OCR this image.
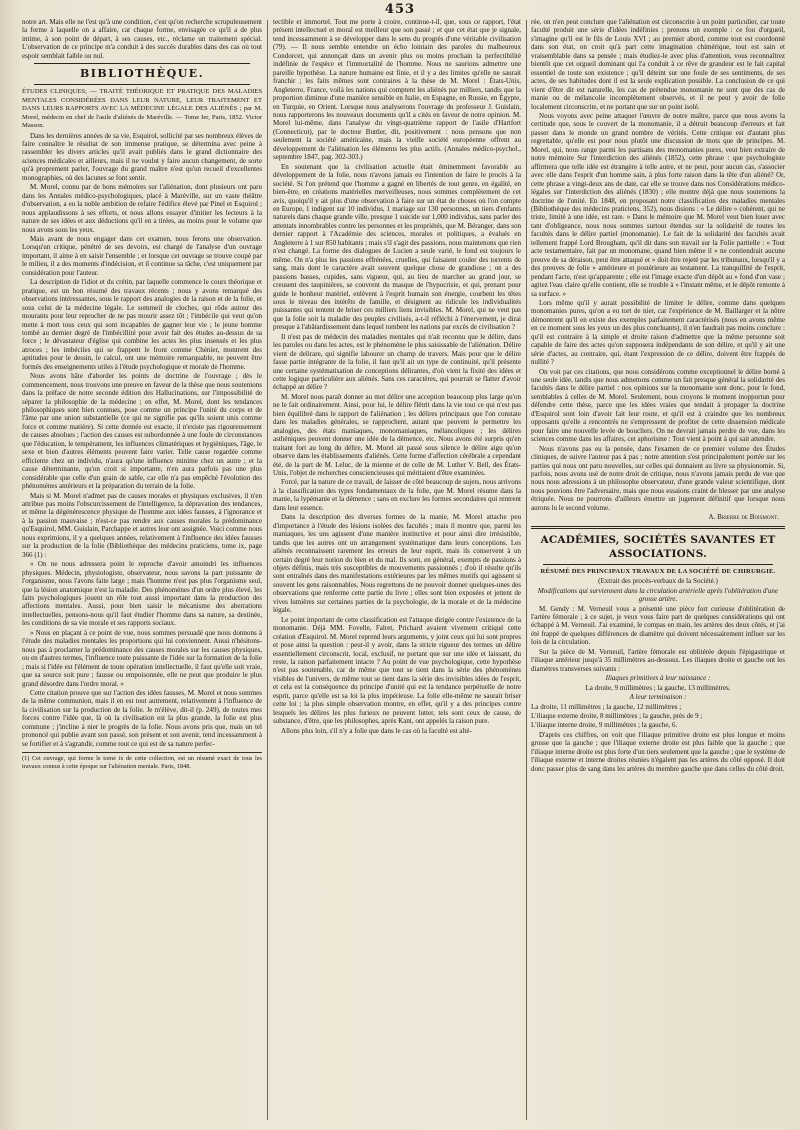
453

notre art. Mais elle ne l'est qu'à une condition, c'est qu'on recherche scrupuleusement la forme à laquelle on a affaire, car chaque forme, envisagée ce qu'il a de plus intime, à son point de départ, à ses causes, etc., réclame un traitement spécial. L'observation de ce principe m'a conduit à des succès durables dans des cas où tout espoir semblait faible ou nul.

BIBLIOTHÈQUE.

ÉTUDES CLINIQUES; — TRAITÉ THÉORIQUE ET PRATIQUE DES MALADIES MENTALES CONSIDÉRÉES DANS LEUR NATURE, LEUR TRAITEMENT ET DANS LEURS RAPPORTS AVEC LA MÉDECINE LÉGALE DES ALIÉNÉS ; par M. Morel, médecin en chef de l'asile d'aliénés de Maréville. — Tome Ier, Paris, 1852. Victor Masson.

Dans les dernières années de sa vie, Esquirol, sollicité par ses nombreux élèves de faire connaître le résultat de son immense pratique, se détermina avec peine à rassembler les divers articles qu'il avait publiés dans le grand dictionnaire des sciences médicales et ailleurs, mais il ne voulut y faire aucun changement, de sorte qu'à proprement parler, l'ouvrage du grand maître n'est qu'un recueil d'excellentes monographies, où des lacunes se font sentir.

M. Morel, connu par de bons mémoires sur l'aliénation, dont plusieurs ont paru dans les Annales médico-psychologiques, placé à Maréville, sur un vaste théâtre d'observation, a eu la noble ambition de refaire l'édifice élevé par Pinel et Esquirol ; nous applaudissons à ses efforts, et nous allons essayer d'initier les lecteurs à la nature de ses idées et aux déductions qu'il en a tirées, au moins pour le volume que nous avons sous les yeux.

Mais avant de nous engager dans cet examen, nous ferons une observation. Lorsqu'un critique, pénétré de ses devoirs, est chargé de l'analyse d'un ouvrage important, il aime à en saisir l'ensemble ; et lorsque cet ouvrage se trouve coupé par le milieu, il a des moments d'indécision, et il continue sa tâche, c'est uniquement par considération pour l'auteur.

La description de l'idiot et du crétin, par laquelle commence le cours théorique et pratique, est un bon résumé des travaux récents ; nous y avons remarqué des observations intéressantes, sous le rapport des analogies de la raison et de la folie, et sous celui de la médecine légale. Le sommeil de cloches, qui rôde autour des mourants pour leur reprocher de ne pas mourir assez tôt ; l'imbécile qui veut qu'on mette à mort tous ceux qui sont incapables de gagner leur vie ; le jeune homme tombé au dernier degré de l'imbécillité pour avoir fait des études au-dessus de sa force ; le dévastateur d'église qui combine les actes les plus insensés et les plus atroces ; les imbéciles qui se frappent le front comme Chénier, montrent des aptitudes pour le dessin, le calcul, ont une mémoire remarquable, ne peuvent être formés des enseignements utiles à l'étude psychologique et morale de l'homme.

Nous avons hâte d'aborder les points de doctrine de l'ouvrage ; dès le commencement, nous trouvons une preuve en faveur de la thèse que nous soutenions dans la préface de notre seconde édition des Hallucinations, sur l'impossibilité de séparer la philosophie de la médecine ; en effet, M. Morel, dont les tendances philosophiques sont bien connues, pose comme un principe l'unité du corps et de l'âme par une union substantielle (ce qui ne signifie pas qu'ils soient unis comme force et comme matière). Si cette donnée est exacte, il n'existe pas rigoureusement de causes absolues ; l'action des causes est subordonnée à une foule de circonstances que l'éducation, le tempérament, les influences climatériques et hygiéniques, l'âge, le sexe et bien d'autres éléments peuvent faire varier. Telle cause regardée comme efficiente chez un individu, n'aura qu'une influence minime chez un autre ; et la cause déterminante, qu'on croit si importante, n'en aura parfois pas une plus considérable que celle d'un grain de sable, car elle n'a pas empêché l'évolution des phénomènes antérieurs et la préparation du terrain de la folie.

Mais si M. Morel n'admet pas de causes morales et physiques exclusives, il n'en attribue pas moins l'obscurcissement de l'intelligence, la dépravation des tendances, et même la dégénérescence physique de l'homme aux idées fausses, à l'ignorance et à la passion mauvaise ; n'est-ce pas rendre aux causes morales la prédominance qu'Esquirol, MM. Guislain, Parchappe et autres leur ont assignée. Voici comme nous nous exprimions, il y a quelques années, relativement à l'influence des idées fausses sur la production de la folie (Bibliothèque des médecins praticiens, tome ix, page 366 (1) :

« On ne nous adressera point le reproche d'avoir amoindri les influences physiques. Médecin, physiologiste, observateur, nous savons la part puissante de l'organisme, nous l'avons faite large ; mais l'homme n'est pas plus l'organisme seul, que la lésion anatomique n'est la maladie. Des phénomènes d'un ordre plus élevé, les faits psychologiques jouent un rôle tout aussi important dans la production des affections mentales. Aussi, pour bien saisir le mécanisme des aberrations intellectuelles, pensons-nous qu'il faut étudier l'homme dans sa nature, sa destinée, les conditions de sa vie morale et ses rapports sociaux.

» Nous en plaçant à ce point de vue, nous sommes persuadé que nous donnons à l'étude des maladies mentales les proportions qui lui conviennent. Aussi n'hésitons-nous pas à proclamer la prédominance des causes morales sur les causes physiques, ou en d'autres termes, l'influence toute puissante de l'idée sur la formation de la folie ; mais si l'idée est l'élément de toute opération intellectuelle, il faut qu'elle soit vraie, que sa source soit pure ; fausse ou empoisonnée, elle ne peut que produire le plus grand désordre dans l'ordre moral. »

Cette citation prouve que sur l'action des idées fausses, M. Morel et nous sommes de la même communion, mais il en est tout autrement, relativement à l'influence de la civilisation sur la production de la folie. Je m'élève, dit-il (p. 249), de toutes mes forces contre l'idée que, là où la civilisation est la plus grande, la folie est plus commune ; j'incline à nier le progrès de la folie. Nous avons pris que, mais un tel prononcé qui publie avant son passé, son présent et son avenir, tend incessamment à se fortifier et à s'agrandir, comme tout ce qui est de sa nature perfec-

(1) Cet ouvrage, qui forme le tome ix de cette collection, est un résumé exact de tous les travaux connus à cette époque sur l'aliénation mentale. Paris, 1848.

tectible et immortel. Tout me porte à croire, continue-t-il, que, sous ce rapport, l'état présent intellectuel et moral est meilleur que son passé ; et que cet état que je signale, tend incessamment à se développer dans le sens du progrès d'une véritable civilisation (79). — Il nous semble entendre un écho lointain des paroles du malheureux Condorcet, qui annonçait dans un avenir plus ou moins prochain la perfectibilité indéfinie de l'espèce et l'immortalité de l'homme. Nous ne saurions admettre une pareille hypothèse. La nature humaine est finie, et il y a des limites qu'elle ne saurait franchir ; les faits mêmes sont contraires à la thèse de M. Morel : États-Unis, Angleterre, France, voilà les nations qui comptent les aliénés par milliers, tandis que la proportion diminue d'une manière sensible en Italie, en Espagne, en Russie, en Égypte, en Turquie, en Orient. Lorsque nous analyserons l'ouvrage du professeur J. Guislain, nous rapporterons les nouveaux documents qu'il a cités en faveur de notre opinion. M. Morel lui-même, dans l'analyse du vingt-quatrième rapport de l'asile d'Hartfort (Connecticut), par le docteur Buttler, dit, positivement : nous pensons que non seulement la société américaine, mais la vieille société européenne offrent au développement de l'aliénation les éléments les plus actifs. (Annales médico-psychol., septembre 1847, pag. 302-303.)

En soutenant que la civilisation actuelle était éminemment favorable au développement de la folie, nous n'avons jamais eu l'intention de faire le procès à la société. Si l'on prétend que l'homme a gagné en libertés de tout genre, en égalité, en bien-être, en créations matérielles merveilleuses, nous sommes complètement de cet avis, quoiqu'il y ait plus d'une observation à faire sur un état de choses où l'on compte en Europe, 1 indigent sur 10 individus, 1 mariage sur 130 personnes, un tiers d'enfants naturels dans chaque grande ville, presque 1 suicide sur 1,000 individus, sans parler des attentats innombrables contre les personnes et les propriétés, que M. Béranger, dans son dernier rapport à l'Académie des sciences, morales et politiques, a évalués en Angleterre à 1 sur 850 habitants ; mais s'il s'agit des passions, nous maintenons que rien n'est changé. La forme des dialogues de Lucien a seule varié, le fond est toujours le même. On n'a plus les passions effrénées, cruelles, qui faisaient couler des torrents de sang, mais dont le caractère avait souvent quelque chose de grandiose ; on a des passions basses, cupides, sans vigueur, qui, au lieu de marcher au grand jour, se creusent des taupinières, se couvrent du masque de l'hypocrisie, et qui, prenant pour guide le bonheur matériel, enlèvent à l'esprit humain son énergie, courbent les têtes sous le niveau des intérêts de famille, et désignent au ridicule les individualités puissantes qui tentent de briser ces milliers liens invisibles. M. Morel, qui ne veut pas que la folie soit la maladie des peuples civilisés, a-t-il réfléchi à l'énervement, je dirai presque à l'abâtardissement dans lequel tombent les nations par excès de civilisation ?

Il n'est pas de médecin des maladies mentales qui n'ait reconnu que le délire, dans les paroles ou dans les actes, est le phénomène le plus saisissable de l'aliénation. Délire vient de delirare, qui signifie labourer un champ de travers. Mais pour que le délire fasse partie intégrante de la folie, il faut qu'il ait un type de continuité, qu'il présente une certaine systématisation de conceptions délirantes, d'où vient la fixité des idées et cette logique particulière aux aliénés. Sans ces caractères, qui pourrait se flatter d'avoir échappé au délire ?

M. Morel nous paraît donner au mot délire une acception beaucoup plus large qu'on ne le fait ordinairement. Ainsi, pour lui, le délire flétrit dans la vie tout ce qui n'est pas bien équilibré dans le rapport de l'aliénation ; les délires principaux que l'on constate dans les maladies générales, se rapprochent, autant que peuvent le permettre les analogies, des états maniaques, monomaniaques, mélancoliques ; les délires asthéniques peuvent donner une idée de la démence, etc. Nous avons été surpris qu'en traitant fort au long du délire, M. Morel ait passé sous silence le délire aigu qu'on observe dans les établissements d'aliénés. Cette forme d'affection cérébrale a cependant été, de la part de M. Leluc, de la mienne et de celle de M. Luther V. Bell, des États-Unis, l'objet de recherches consciencieuses qui méritaient d'être examinées.

Forcé, par la nature de ce travail, de laisser de côté beaucoup de sujets, nous arrivons à la classification des types fondamentaux de la folie, que M. Morel résume dans la manie, la lypémanie et la démence ; sans en exclure les formes secondaires qui rentrent dans leur essence.

Dans la description des diverses formes de la manie, M. Morel attache peu d'importance à l'étude des lésions isolées des facultés ; mais il montre que, parmi les maniaques, les uns agissent d'une manière instinctive et pour ainsi dire irrésistible, tandis que les autres ont un arrangement systématique dans leurs conceptions. Les aliénés reconnaissent rarement les erreurs de leur esprit, mais ils conservent à un certain degré leur notion du bien et du mal. Ils sont, en général, exempts de passions à objets définis, mais très susceptibles de mouvements passionnés ; d'où il résulte qu'ils sont entraînés dans des manifestations extérieures par les mêmes motifs qui agissent si souvent les gens raisonnables. Nous regrettons de ne pouvoir donner quelques-unes des observations que renferme cette partie du livre ; elles sont bien exposées et jettent de vives lumières sur certaines parties de la psychologie, de la morale et de la médecine légale.

Le point important de cette classification est l'attaque dirigée contre l'existence de la monomanie. Déjà MM. Fovelle, Falret, Prichard avaient vivement critiqué cette création d'Esquirol. M. Morel reprend leurs arguments, y joint ceux qui lui sont propres et pose ainsi la question : peut-il y avoir, dans la stricte rigueur des termes un délire essentiellement circonscrit, local, exclusif, ne portant que sur une idée et laissant, du reste, la raison parfaitement intacte ? Au point de vue psychologique, cette hypothèse n'est pas soutenable, car de même que tout se tient dans la série des phénomènes visibles de l'univers, de même tout se tient dans la série des invisibles idées de l'esprit, et cela est la conséquence du principe d'unité qui est la tendance perpétuelle de notre esprit, parce qu'elle est sa loi la plus impérieuse. La folie elle-même ne saurait briser cette loi ; la plus simple observation montre, en effet, qu'il y a des principes contre lesquels les délires les plus furieux ne peuvent lutter, tels sont ceux de cause, de substance, d'être, que les philosophes, après Kant, ont appelés la raison pure.

Allons plus loin, s'il n'y a folie que dans le cas où la faculté est alté-

rée, on n'en peut conclure que l'aliénation est circonscrite à un point particulier, car toute faculté produit une série d'idées indéfinies ; prenons un exemple : ce fou d'orgueil, s'imagine qu'il est le fils de Louis XVI ; au premier abord, comme tout est coordonné dans son état, on croit qu'à part cette imagination chimérique, tout est sain et vraisemblable dans sa pensée ; mais étudiez-le avec plus d'attention, vous reconnaîtrez bientôt que cet orgueil dominant qui l'a conduit à ce rêve de grandeur est le fait capital essentiel de toute son existence ; qu'il déteint sur une foule de ses sentiments, de ses actes, de ses habitudes dont il est la seule explication possible. La conclusion de ce qui vient d'être dit est naturelle, les cas de prétendue monomanie ne sont que des cas de manie ou de mélancolie incomplètement observés, et il ne peut y avoir de folie localement circonscrite, et ne portant que sur un point isolé.

Nous voyons avec peine attaquer l'œuvre de notre maître, parce que nous avons la certitude que, sous le couvert de la monomanie, il a détruit beaucoup d'erreurs et fait passer dans le monde un grand nombre de vérités. Cette critique est d'autant plus regrettable, qu'elle est pour nous plutôt une discussion de mots que de principes. M. Morel, qui, nous range parmi les partisans des monomanies pures, veut bien extraire de notre mémoire Sur l'interdiction des aliénés (1852), cette phrase : que psychologiste affirmera que telle idée est étrangère à telle autre, et ne peut, pour aucun cas, s'associer avec elle dans l'esprit d'un homme sain, à plus forte raison dans la tête d'un aliéné? Or, cette phrase a vingt-deux ans de date, car elle se trouve dans nos Considérations médico-légales sur l'interdiction des aliénés (1830) ; elle montre déjà que nous soutenions la doctrine de l'unité. En 1848, en proposant notre classification des maladies mentales (Bibliothèque des médecins praticiens, 352), nous disions : « Le délire » cohérent, qui ne triste, limité à une idée, est rare. » Dans le mémoire que M. Morel veut bien louer avec tant d'obligeance, nous nous sommes surtout étendus sur la solidarité de toutes les facultés dans le délire partiel (monomanie). Le fait de la solidarité des facultés avait tellement frappé Lord Brougham, qu'il dit dans son travail sur la Folie partielle : « Tout acte testamentaire, fait par un monomane, quand bien même il » ne contiendrait aucune preuve de sa déraison, peut être attaqué et » doit être rejeté par les tribunaux, lorsqu'il y a des preuves de folie » antérieure et postérieure au testament. La tranquillité de l'esprit, pendant l'acte, n'est qu'apparente ; elle est l'image exacte d'un dépôt au » fond d'un vase ; agitez l'eau claire qu'elle contient, elle se trouble à » l'instant même, et le dépôt remonte à sa surface. »

Lors même qu'il y aurait possibilité de limiter le délire, comme dans quelques monomanies pures, qu'on a eu tort de nier, car l'expérience de M. Baillarger et la nôtre démontrent qu'il en existe des exemples parfaitement caractérisés (nous en avons même en ce moment sous les yeux un des plus concluants), il n'en faudrait pas moins conclure : qu'il est contraire à la simple et droite raison d'admettre que la même personne soit capable de faire des actes qu'on supposera indépendants de son délire, et qu'il y ait une série d'actes, au contraire, qui, étant l'expression de ce délire, doivent être frappés de nullité ?

On voit par ces citations, que nous considérons comme exceptionnel le délire borné à une seule idée, tandis que nous admettons comme un fait presque général la solidarité des facultés dans le délire partiel : nos opinions sur la monomanie sont donc, pour le fond, semblables à celles de M. Morel. Seulement, nous croyons le moment inopportun pour défendre cette thèse, parce que les idées vraies que tendait à propager la doctrine d'Esquirol sont loin d'avoir fait leur route, et qu'il est à craindre que les nombreux opposants qu'elle a rencontrés ne s'empressent de profiter de cette dissension médicale pour faire une nouvelle levée de boucliers. On ne devrait jamais perdre de vue, dans les sciences comme dans les affaires, cet aphorisme : Tout vient à point à qui sait attendre.

Nous n'avons pas eu la pensée, dans l'examen de ce premier volume des Études cliniques, de suivre l'auteur pas à pas ; notre attention s'est principalement portée sur les parties qui nous ont paru nouvelles, sur celles qui donnaient au livre sa physionomie. Si, parfois, nous avons usé de notre droit de critique, nous n'avons jamais perdu de vue que nous nous adressions à un philosophe observateur, d'une grande valeur scientifique, dont nous pouvions être l'adversaire, mais que nous essaions craint de blesser par une analyse étriquée. Nous ne pourrons d'ailleurs émettre un jugement définitif que lorsque nous aurons lu le second volume.

A. Brierre de Boismont.

ACADÉMIES, SOCIÉTÉS SAVANTES ET ASSOCIATIONS.

RÉSUMÉ DES PRINCIPAUX TRAVAUX DE LA SOCIÉTÉ DE CHIRURGIE.

(Extrait des procès-verbaux de la Société.)

Modifications qui surviennent dans la circulation artérielle après l'oblitération d'une grosse artère.

M. Gendy : M. Verneuil vous a présenté une pièce fort curieuse d'oblitération de l'artère fémorale ; à ce sujet, je veux vous faire part de quelques considérations qui ont échappé à M. Verneuil. J'ai examiné, le compas en main, les artères des deux côtés, et j'ai été frappé de quelques différences de diamètre qui doivent nécessairement influer sur les lois de la circulation.

Sur la pièce de M. Verneuil, l'artère fémorale est oblitérée depuis l'épigastrique et l'iliaque antérieur jusqu'à 35 millimètres au-dessous. Les iliaques droite et gauche ont les diamètres transverses suivants :

Iliaques primitives à leur naissance :

La droite, 9 millimètres ; la gauche, 13 millimètres.

A leur terminaison :

La droite, 11 millimètres ; la gauche, 12 millimètres ;

L'iliaque externe droite, 8 millimètres ; la gauche, près de 9 ;

L'iliaque interne droite, 9 millimètres ; la gauche, 6.

D'après ces chiffres, on voit que l'iliaque primitive droite est plus longue et moins grosse que la gauche ; que l'iliaque externe droite est plus faible que la gauche ; que l'iliaque interne droite est plus forte d'un tiers seulement que la gauche ; que le système de l'iliaque externe et interne droites réunies n'égalent pas les artères du côté opposé. Il doit donc passer plus de sang dans les artères du membre gauche que dans celles du côté droit.
